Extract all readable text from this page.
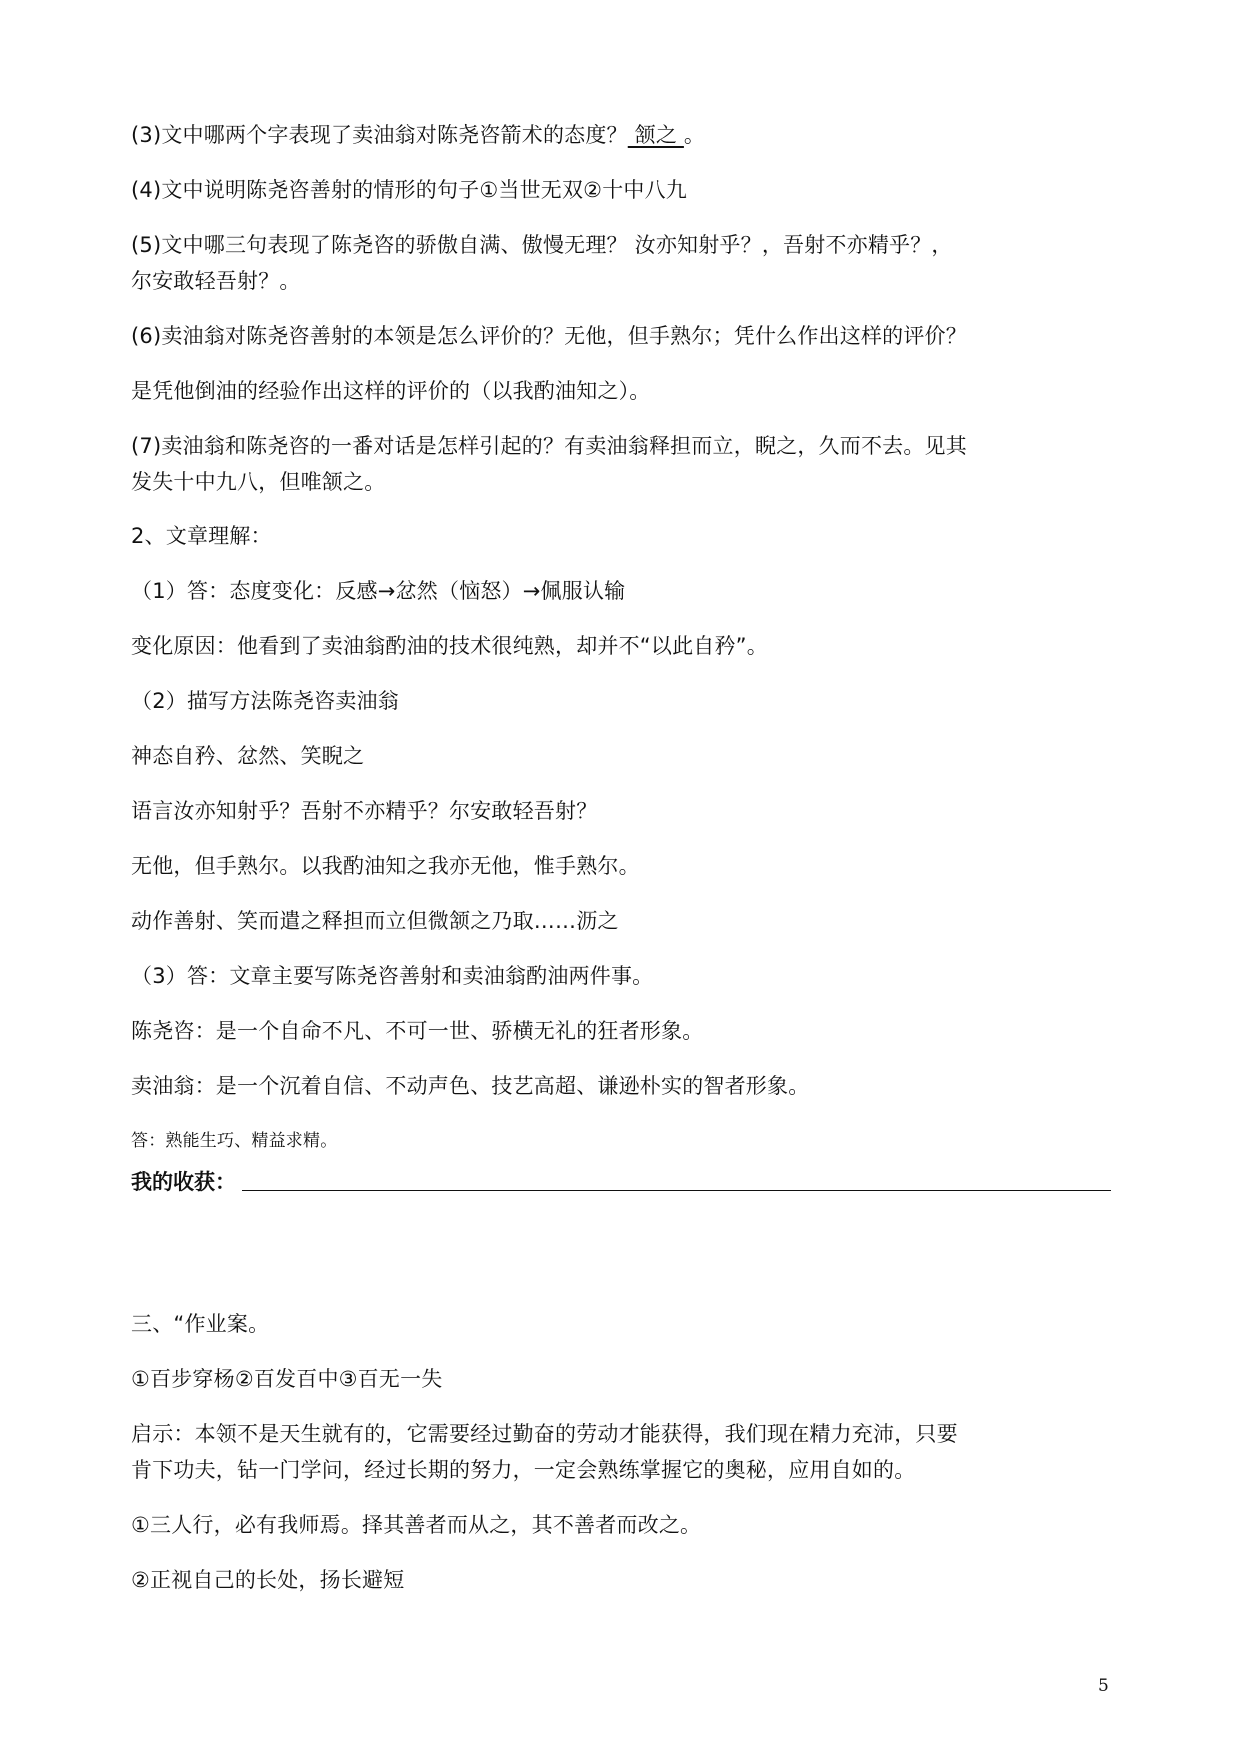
(3)文中哪两个字表现了卖油翁对陈尧咨箭术的态度？ 颔之 。
(4)文中说明陈尧咨善射的情形的句子①当世无双②十中八九
(5)文中哪三句表现了陈尧咨的骄傲自满、傲慢无理？ 汝亦知射乎？，吾射不亦精乎？，
尔安敢轻吾射？。
(6)卖油翁对陈尧咨善射的本领是怎么评价的？无他，但手熟尔；凭什么作出这样的评价？
是凭他倒油的经验作出这样的评价的（以我酌油知之）。
(7)卖油翁和陈尧咨的一番对话是怎样引起的？有卖油翁释担而立，睨之，久而不去。见其
发失十中九八，但唯颔之。
2、文章理解：
（1）答：态度变化：反感→忿然（恼怒）→佩服认输
变化原因：他看到了卖油翁酌油的技术很纯熟，却并不“以此自矜”。
（2）描写方法陈尧咨卖油翁
神态自矜、忿然、笑睨之
语言汝亦知射乎？吾射不亦精乎？尔安敢轻吾射？
无他，但手熟尔。以我酌油知之我亦无他，惟手熟尔。
动作善射、笑而遣之释担而立但微颔之乃取……沥之
（3）答：文章主要写陈尧咨善射和卖油翁酌油两件事。
陈尧咨：是一个自命不凡、不可一世、骄横无礼的狂者形象。
卖油翁：是一个沉着自信、不动声色、技艺高超、谦逊朴实的智者形象。
答：熟能生巧、精益求精。
我的收获：
三、“作业案。
①百步穿杨②百发百中③百无一失
启示：本领不是天生就有的，它需要经过勤奋的劳动才能获得，我们现在精力充沛，只要
肯下功夫，钻一门学问，经过长期的努力，一定会熟练掌握它的奥秘，应用自如的。
①三人行，必有我师焉。择其善者而从之，其不善者而改之。
②正视自己的长处，扬长避短
5
